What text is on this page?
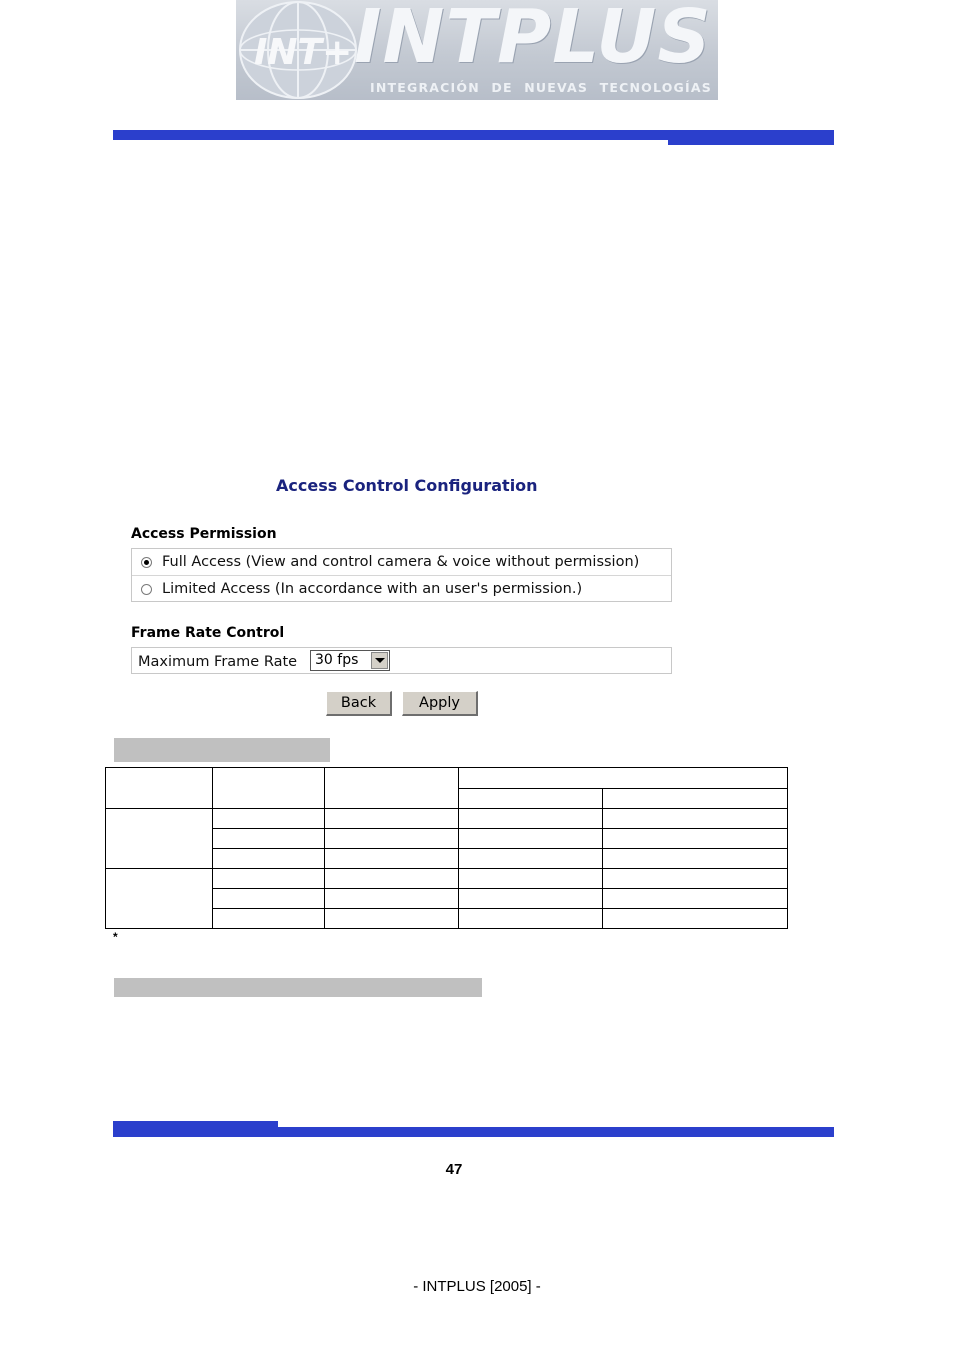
INT+ INTPLUS
INTEGRACIÓN DE NUEVAS TECNOLOGÍAS
Access Control Configuration
Access Permission
Full Access (View and control camera & voice without permission)
Limited Access (In accordance with an user's permission.)
Frame Rate Control
Maximum Frame Rate 30 fps
Back	Apply

*
47
- INTPLUS [2005] -
